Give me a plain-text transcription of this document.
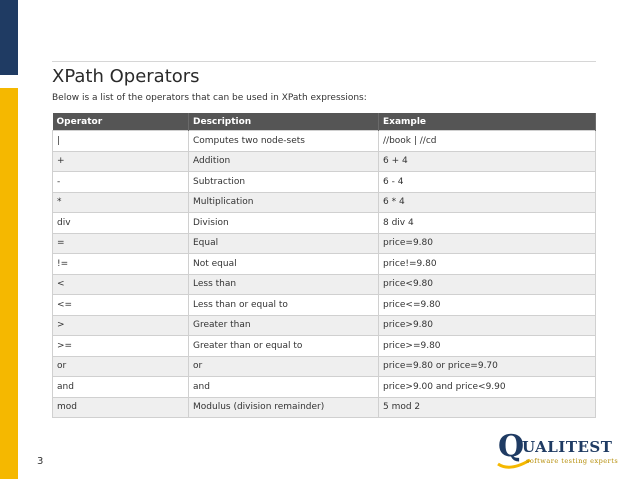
XPath Operators
Below is a list of the operators that can be used in XPath expressions:
Operator	Description	Example
|	Computes two node-sets	//book | //cd
+	Addition	6 + 4
-	Subtraction	6 - 4
*	Multiplication	6 * 4
div	Division	8 div 4
=	Equal	price=9.80
!=	Not equal	price!=9.80
<	Less than	price<9.80
<=	Less than or equal to	price<=9.80
>	Greater than	price>9.80
>=	Greater than or equal to	price>=9.80
or	or	price=9.80 or price=9.70
and	and	price>9.00 and price<9.90
mod	Modulus (division remainder)	5 mod 2
3	Q
UALITEST
software testing experts
